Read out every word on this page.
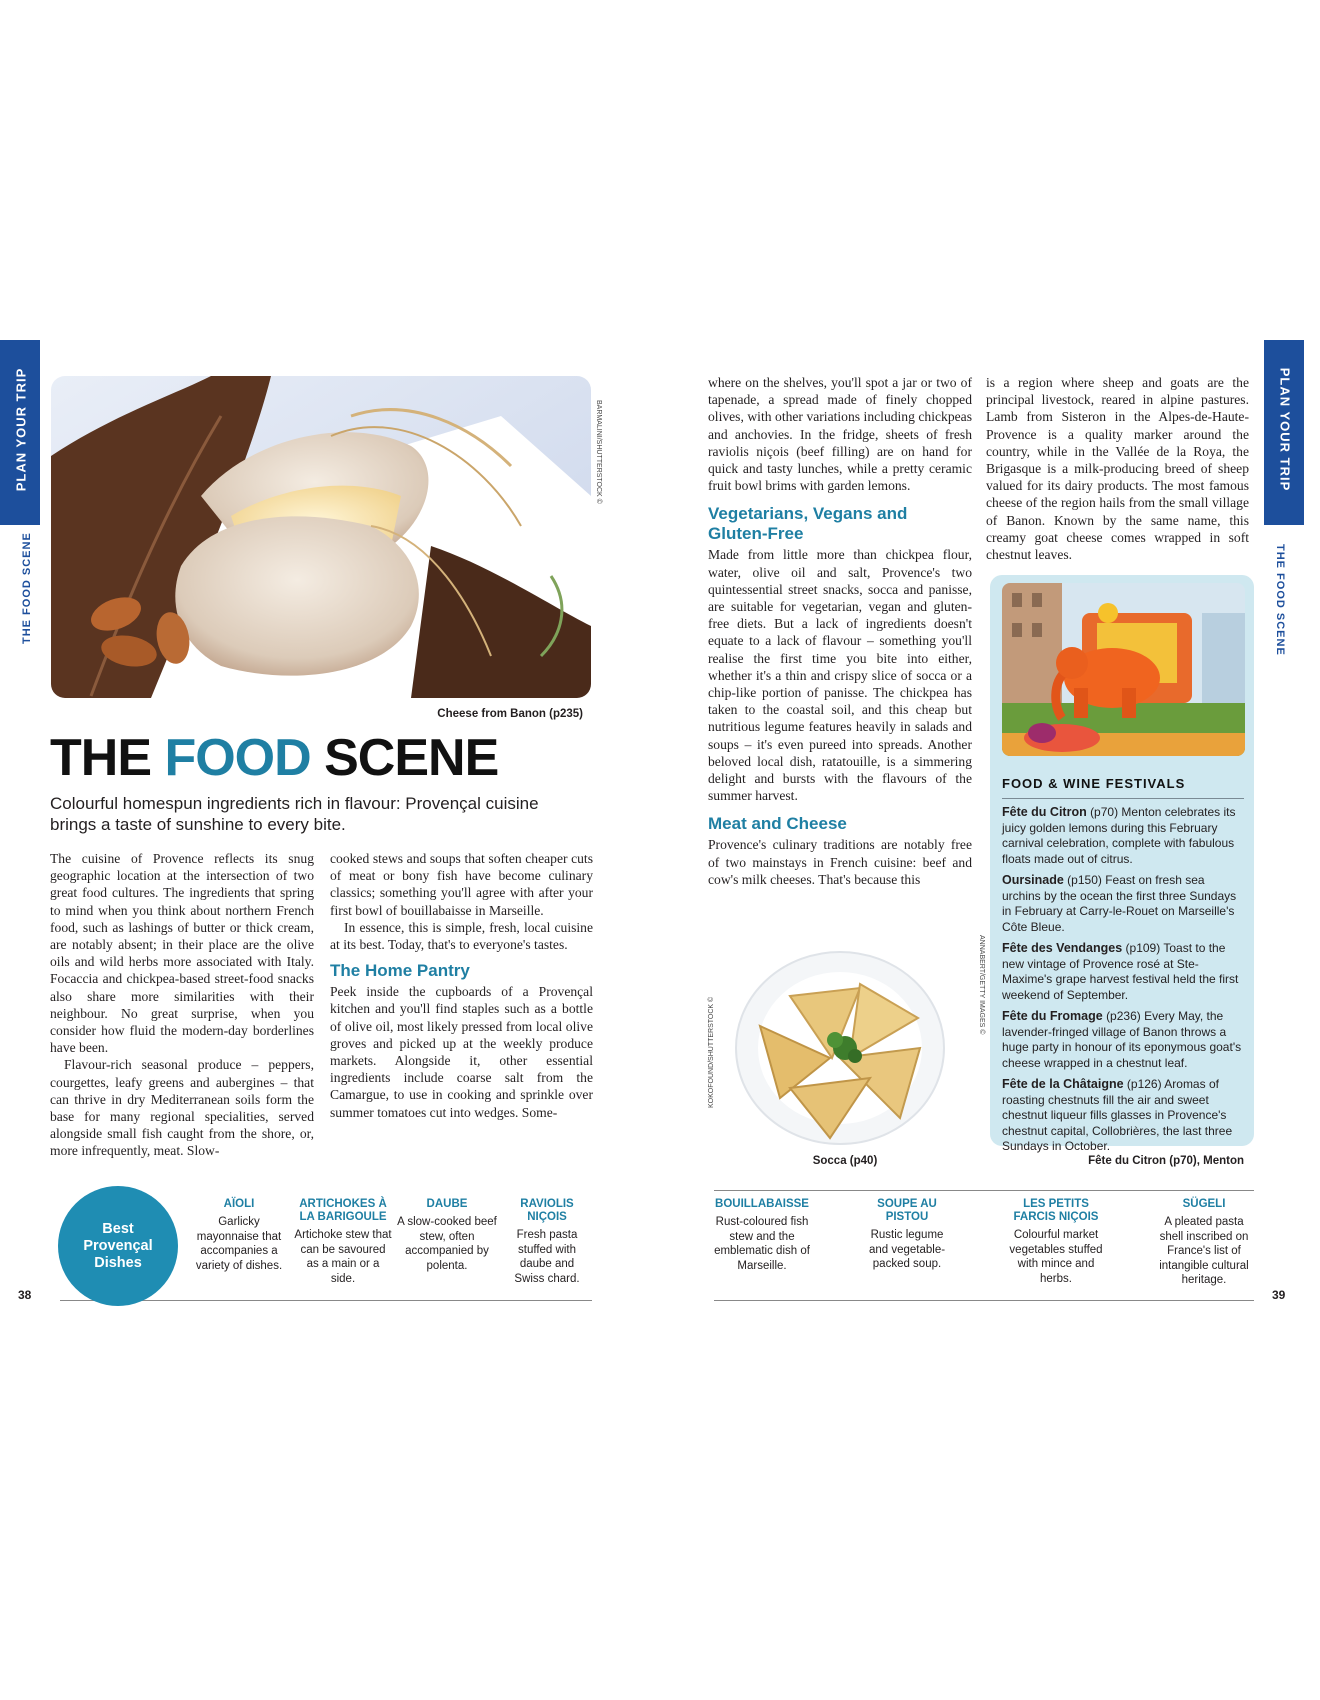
PLAN YOUR TRIP
THE FOOD SCENE
BARMALINI/SHUTTERSTOCK ©
Cheese from Banon (p235)
THE FOOD SCENE
Colourful homespun ingredients rich in flavour: Provençal cuisine brings a taste of sunshine to every bite.

The cuisine of Provence reflects its snug geographic location at the intersection of two great food cultures. The ingredients that spring to mind when you think about northern French food, such as lashings of butter or thick cream, are notably absent; in their place are the olive oils and wild herbs more associated with Italy. Focaccia and chickpea-based street-food snacks also share more similarities with their neighbour. No great surprise, when you consider how fluid the modern-day borderlines have been.

Flavour-rich seasonal produce – peppers, courgettes, leafy greens and aubergines – that can thrive in dry Mediterranean soils form the base for many regional specialities, served alongside small fish caught from the shore, or, more infrequently, meat. Slow-

cooked stews and soups that soften cheaper cuts of meat or bony fish have become culinary classics; something you'll agree with after your first bowl of bouillabaisse in Marseille.

In essence, this is simple, fresh, local cuisine at its best. Today, that's to everyone's tastes.

The Home Pantry

Peek inside the cupboards of a Provençal kitchen and you'll find staples such as a bottle of olive oil, most likely pressed from local olive groves and picked up at the weekly produce markets. Alongside it, other essential ingredients include coarse salt from the Camargue, to use in cooking and sprinkle over summer tomatoes cut into wedges. Some-

Best Provençal Dishes
AÏOLI
Garlicky mayonnaise that accompanies a variety of dishes.
ARTICHOKES À LA BARIGOULE
Artichoke stew that can be savoured as a main or a side.
DAUBE
A slow-cooked beef stew, often accompanied by polenta.
RAVIOLIS NIÇOIS
Fresh pasta stuffed with daube and Swiss chard.
38
PLAN YOUR TRIP
THE FOOD SCENE

where on the shelves, you'll spot a jar or two of tapenade, a spread made of finely chopped olives, with other variations including chickpeas and anchovies. In the fridge, sheets of fresh raviolis niçois (beef filling) are on hand for quick and tasty lunches, while a pretty ceramic fruit bowl brims with garden lemons.

Vegetarians, Vegans and Gluten-Free

Made from little more than chickpea flour, water, olive oil and salt, Provence's two quintessential street snacks, socca and panisse, are suitable for vegetarian, vegan and gluten-free diets. But a lack of ingredients doesn't equate to a lack of flavour – something you'll realise the first time you bite into either, whether it's a thin and crispy slice of socca or a chip-like portion of panisse. The chickpea has taken to the coastal soil, and this cheap but nutritious legume features heavily in salads and soups – it's even pureed into spreads. Another beloved local dish, ratatouille, is a simmering delight and bursts with the flavours of the summer harvest.

Meat and Cheese

Provence's culinary traditions are notably free of two mainstays in French cuisine: beef and cow's milk cheeses. That's because this

is a region where sheep and goats are the principal livestock, reared in alpine pastures. Lamb from Sisteron in the Alpes-de-Haute-Provence is a quality marker around the country, while in the Vallée de la Roya, the Brigasque is a milk-producing breed of sheep valued for its dairy products. The most famous cheese of the region hails from the small village of Banon. Known by the same name, this creamy goat cheese comes wrapped in soft chestnut leaves.

KOKOFOUND/SHUTTERSTOCK ©
Socca (p40)
ANNABERT/GETTY IMAGES ©
FOOD & WINE FESTIVALS
Fête du Citron (p70) Menton celebrates its juicy golden lemons during this February carnival celebration, complete with fabulous floats made out of citrus.
Oursinade (p150) Feast on fresh sea urchins by the ocean the first three Sundays in February at Carry-le-Rouet on Marseille's Côte Bleue.
Fête des Vendanges (p109) Toast to the new vintage of Provence rosé at Ste-Maxime's grape harvest festival held the first weekend of September.
Fête du Fromage (p236) Every May, the lavender-fringed village of Banon throws a huge party in honour of its eponymous goat's cheese wrapped in a chestnut leaf.
Fête de la Châtaigne (p126) Aromas of roasting chestnuts fill the air and sweet chestnut liqueur fills glasses in Provence's chestnut capital, Collobrières, the last three Sundays in October.
Fête du Citron (p70), Menton
BOUILLABAISSE
Rust-coloured fish stew and the emblematic dish of Marseille.
SOUPE AU PISTOU
Rustic legume and vegetable-packed soup.
LES PETITS FARCIS NIÇOIS
Colourful market vegetables stuffed with mince and herbs.
SÜGELI
A pleated pasta shell inscribed on France's list of intangible cultural heritage.
39
